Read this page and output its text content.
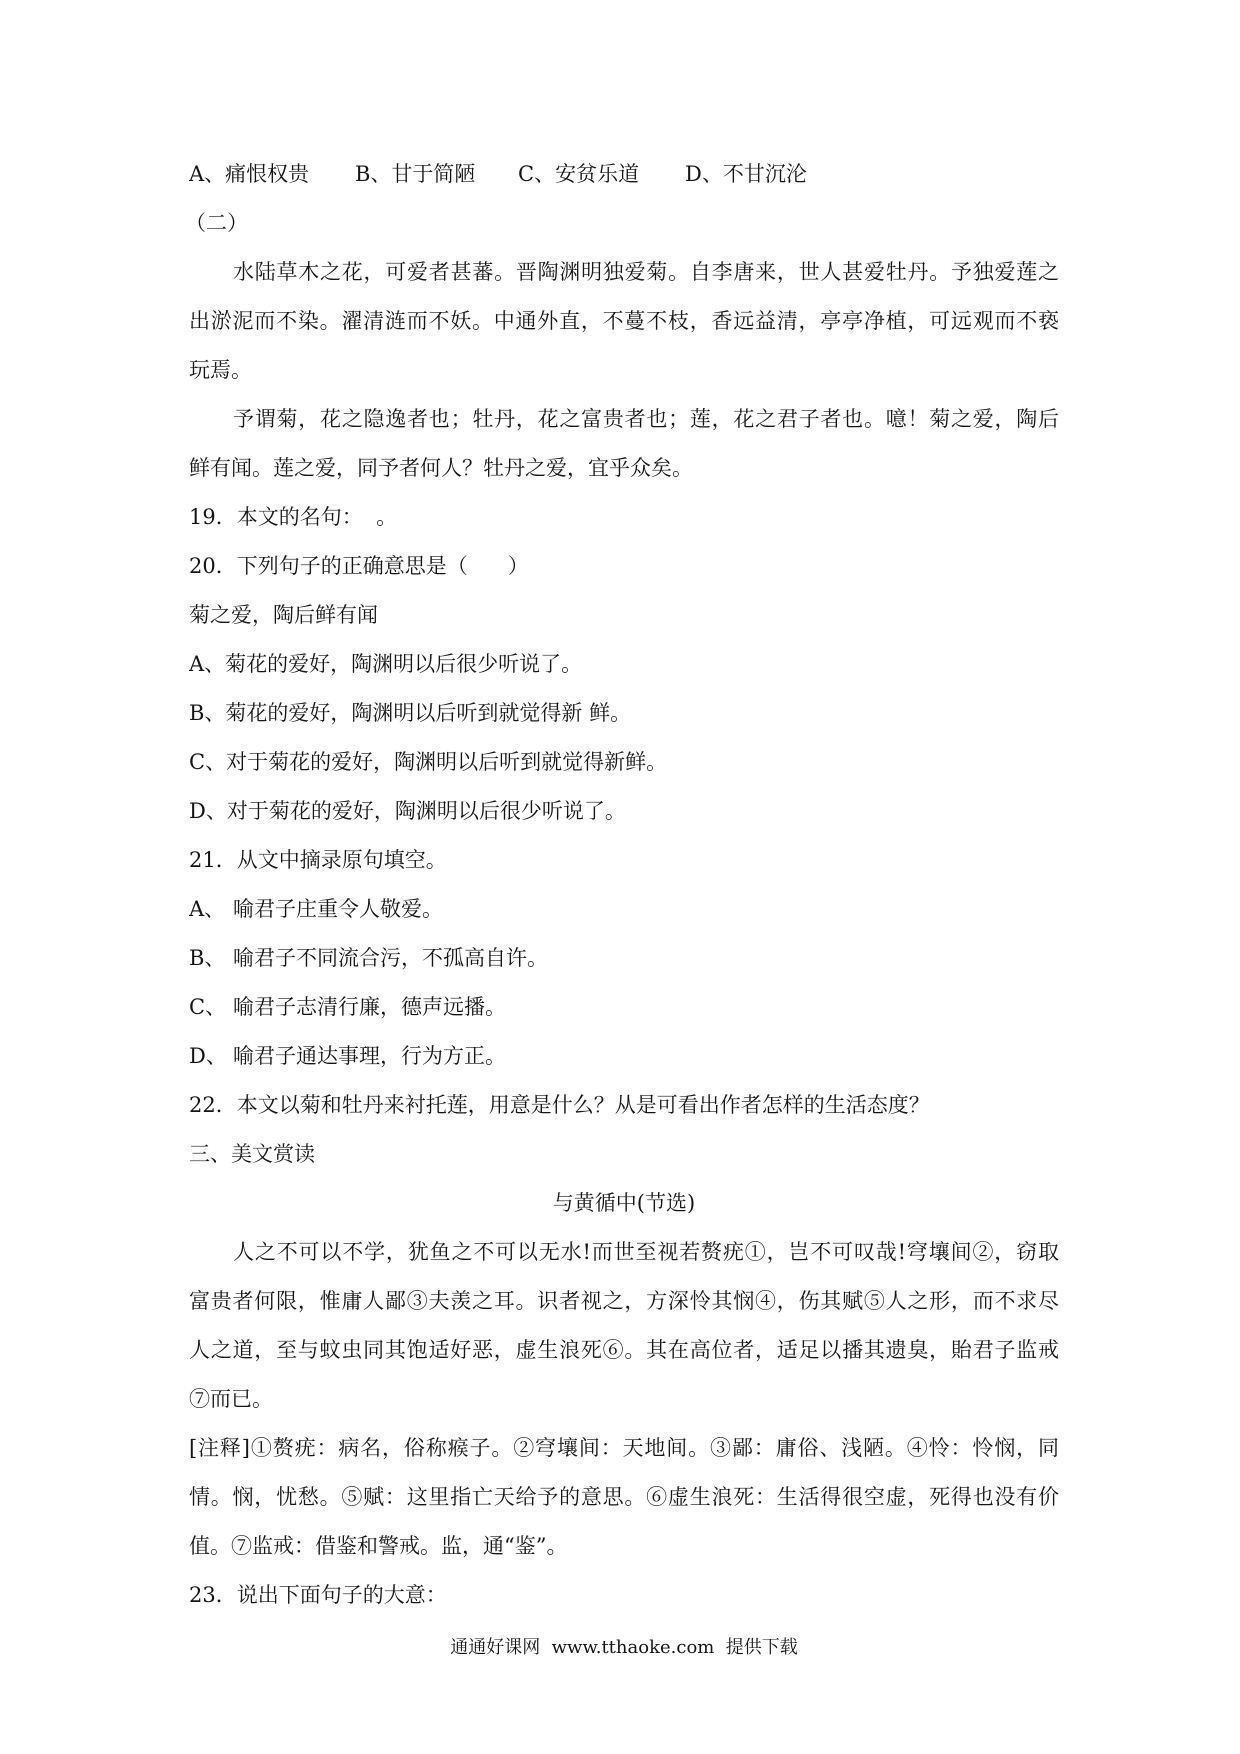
A、痛恨权贵

B、甘于简陋

C、安贫乐道

D、不甘沉沦

（二）
水陆草木之花，可爱者甚蕃。晋陶渊明独爱菊。自李唐来，世人甚爱牡丹。予独爱莲之
出淤泥而不染。濯清涟而不妖。中通外直，不蔓不枝，香远益清，亭亭净植，可远观而不亵
玩焉。
予谓菊，花之隐逸者也；牡丹，花之富贵者也；莲，花之君子者也。噫！菊之爱，陶后
鲜有闻。莲之爱，同予者何人？牡丹之爱，宜乎众矣。
19．本文的名句：  。
20．下列句子的正确意思是（      ）
菊之爱，陶后鲜有闻
A、菊花的爱好，陶渊明以后很少听说了。
B、菊花的爱好，陶渊明以后听到就觉得新 鲜。
C、对于菊花的爱好，陶渊明以后听到就觉得新鲜。
D、对于菊花的爱好，陶渊明以后很少听说了。
21．从文中摘录原句填空。

A、

喻君子庄重令人敬爱。

B、

喻君子不同流合污，不孤高自许。

C、

喻君子志清行廉，德声远播。

D、

喻君子通达事理，行为方正。

22．本文以菊和牡丹来衬托莲，用意是什么？从是可看出作者怎样的生活态度？
三、美文赏读
与黄循中(节选)
人之不可以不学，犹鱼之不可以无水!而世至视若赘疣①，岂不可叹哉!穹壤间②，窃取
富贵者何限，惟庸人鄙③夫羡之耳。识者视之，方深怜其悯④，伤其赋⑤人之形，而不求尽
人之道，至与蚊虫同其饱适好恶，虚生浪死⑥。其在高位者，适足以播其遗臭，貽君子监戒
⑦而已。
[注释]①赘疣：病名，俗称瘊子。②穹壤间：天地间。③鄙：庸俗、浅陋。④怜：怜悯，同
情。悯，忧愁。⑤赋：这里指亡天给予的意思。⑥虚生浪死：生活得很空虚，死得也没有价
值。⑦监戒：借鉴和警戒。监，通“鉴”。
23．说出下面句子的大意：
通通好课网  www.tthaoke.com  提供下载
